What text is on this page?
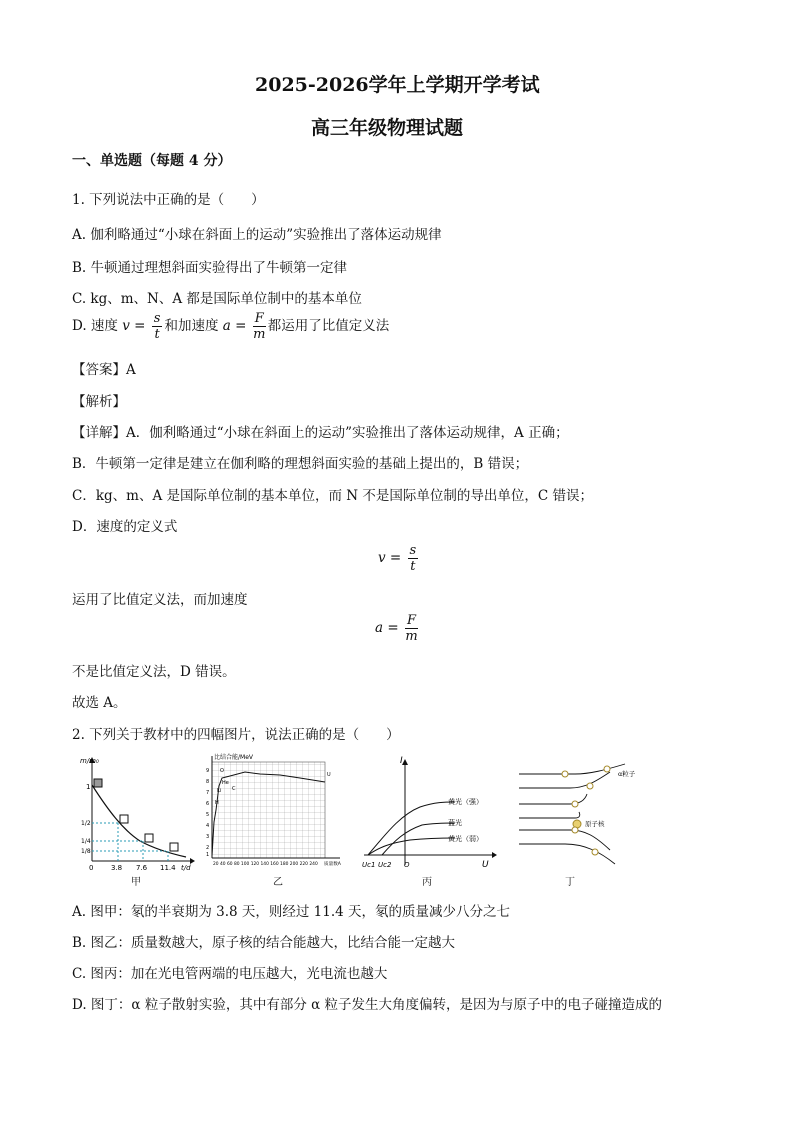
2025-2026学年上学期开学考试
高三年级物理试题
一、单选题（每题 4 分）
1. 下列说法中正确的是（　　）
A. 伽利略通过“小球在斜面上的运动”实验推出了落体运动规律
B. 牛顿通过理想斜面实验得出了牛顿第一定律
C. kg、m、N、A 都是国际单位制中的基本单位
D. 速度 $v = \frac{s}{t}$ 和加速度 $a = \frac{F}{m}$ 都运用了比值定义法
【答案】A
【解析】
【详解】A．伽利略通过“小球在斜面上的运动”实验推出了落体运动规律，A 正确；
B．牛顿第一定律是建立在伽利略的理想斜面实验的基础上提出的，B 错误；
C．kg、m、A 是国际单位制的基本单位，而 N 不是国际单位制的导出单位，C 错误；
D．速度的定义式
$v = \frac{s}{t}$
运用了比值定义法，而加速度
$a = \frac{F}{m}$
不是比值定义法，D 错误。
故选 A。
2. 下列关于教材中的四幅图片，说法正确的是（　　）
m/m₀
1
1/2
1/4
1/8
0	3.8 7.6 11.4 t/d
甲
比结合能/MeV
O
Li
H
He
U
C
9
8
7
6
5
4
3
2
1
20 40 60 80 100 120 140 160 180 200 220 240 质量数A
乙
I
U
黄光（强）
蓝光
黄光（弱）
Uc1 Uc2 O
丙
α粒子
原子核
丁
A. 图甲：氡的半衰期为 3.8 天，则经过 11.4 天，氡的质量减少八分之七
B. 图乙：质量数越大，原子核的结合能越大，比结合能一定越大
C. 图丙：加在光电管两端的电压越大，光电流也越大
D. 图丁：α 粒子散射实验，其中有部分 α 粒子发生大角度偏转，是因为与原子中的电子碰撞造成的
